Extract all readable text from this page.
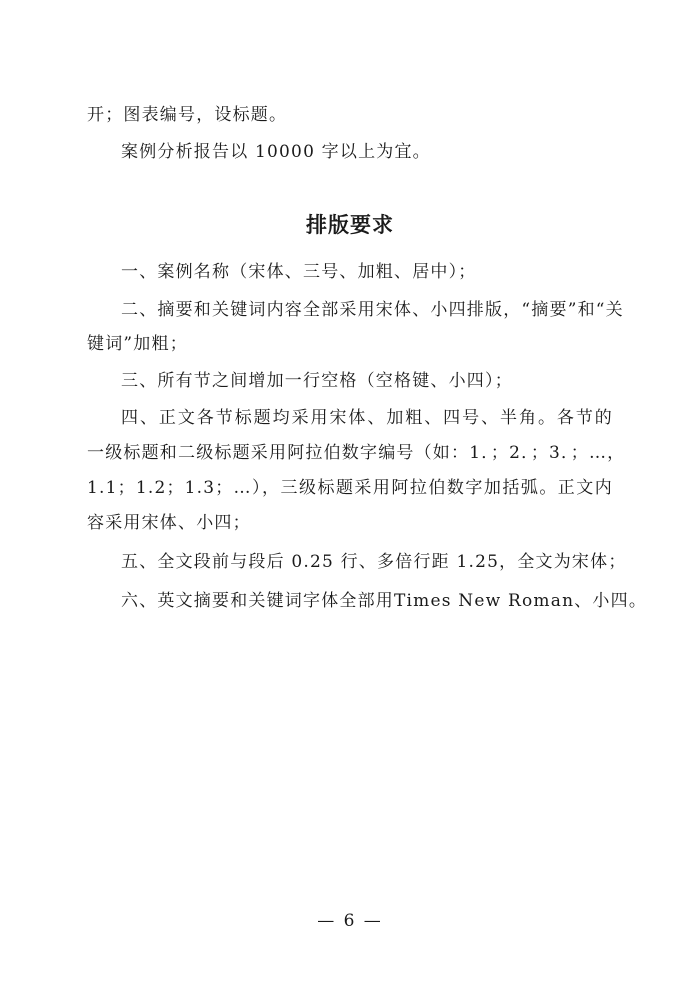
开；图表编号，设标题。
案例分析报告以 10000 字以上为宜。
排版要求
一、案例名称（宋体、三号、加粗、居中）；
二、摘要和关键词内容全部采用宋体、小四排版，“摘要”和“关
键词”加粗；
三、所有节之间增加一行空格（空格键、小四）；
四、正文各节标题均采用宋体、加粗、四号、半角。各节的
一级标题和二级标题采用阿拉伯数字编号（如：1．；2．；3．；…，
1.1；1.2；1.3；…），三级标题采用阿拉伯数字加括弧。正文内
容采用宋体、小四；
五、全文段前与段后 0.25 行、多倍行距 1.25，全文为宋体；
六、英文摘要和关键词字体全部用Times New Roman、小四。
— 6 —
